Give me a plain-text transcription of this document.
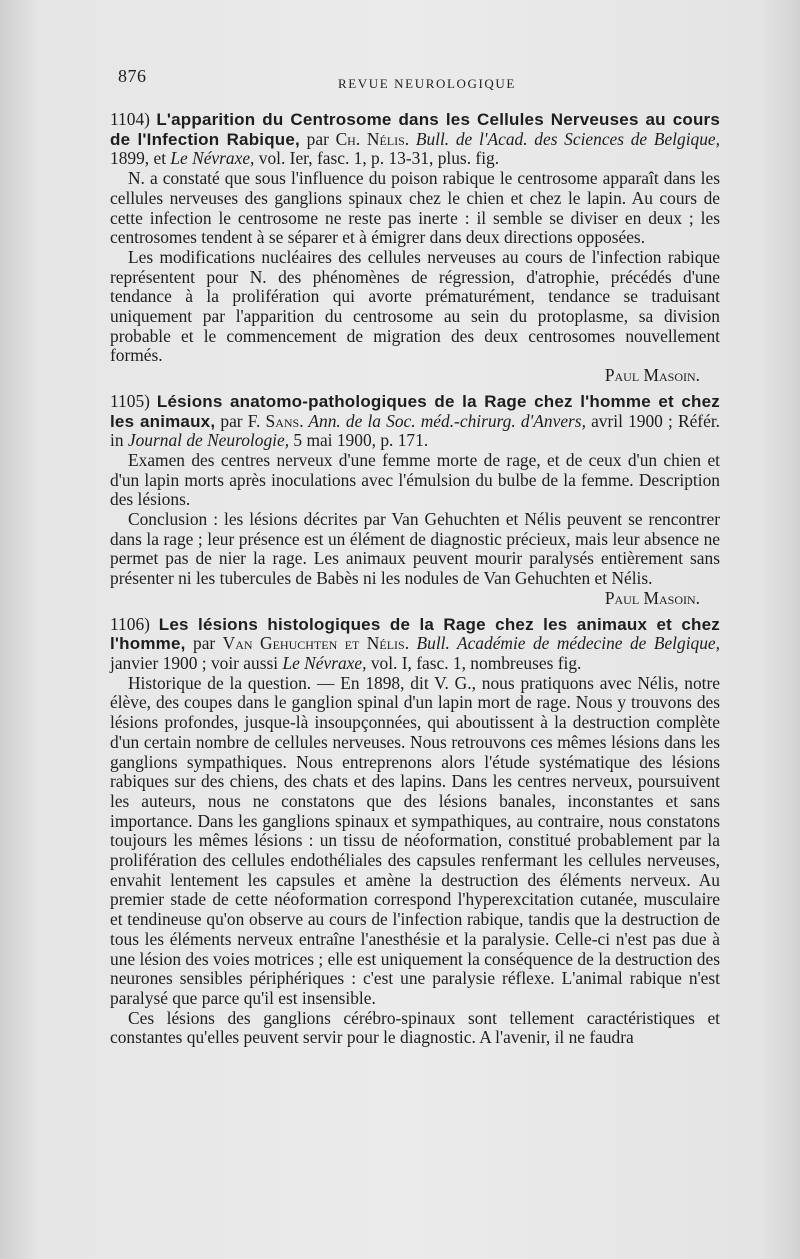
876	REVUE NEUROLOGIQUE
1104) L'apparition du Centrosome dans les Cellules Nerveuses au cours de l'Infection Rabique, par Ch. Nélis. Bull. de l'Acad. des Sciences de Belgique, 1899, et Le Névraxe, vol. Ier, fasc. 1, p. 13-31, plus. fig.

N. a constaté que sous l'influence du poison rabique le centrosome apparaît dans les cellules nerveuses des ganglions spinaux chez le chien et chez le lapin. Au cours de cette infection le centrosome ne reste pas inerte : il semble se diviser en deux ; les centrosomes tendent à se séparer et à émigrer dans deux directions opposées.

Les modifications nucléaires des cellules nerveuses au cours de l'infection rabique représentent pour N. des phénomènes de régression, d'atrophie, précédés d'une tendance à la prolifération qui avorte prématurément, tendance se traduisant uniquement par l'apparition du centrosome au sein du protoplasme, sa division probable et le commencement de migration des deux centrosomes nouvellement formés.

Paul Masoin.

1105) Lésions anatomo-pathologiques de la Rage chez l'homme et chez les animaux, par F. Sans. Ann. de la Soc. méd.-chirurg. d'Anvers, avril 1900 ; Référ. in Journal de Neurologie, 5 mai 1900, p. 171.

Examen des centres nerveux d'une femme morte de rage, et de ceux d'un chien et d'un lapin morts après inoculations avec l'émulsion du bulbe de la femme. Description des lésions.

Conclusion : les lésions décrites par Van Gehuchten et Nélis peuvent se rencontrer dans la rage ; leur présence est un élément de diagnostic précieux, mais leur absence ne permet pas de nier la rage. Les animaux peuvent mourir paralysés entièrement sans présenter ni les tubercules de Babès ni les nodules de Van Gehuchten et Nélis.

Paul Masoin.

1106) Les lésions histologiques de la Rage chez les animaux et chez l'homme, par Van Gehuchten et Nélis. Bull. Académie de médecine de Belgique, janvier 1900 ; voir aussi Le Névraxe, vol. I, fasc. 1, nombreuses fig.

Historique de la question. — En 1898, dit V. G., nous pratiquons avec Nélis, notre élève, des coupes dans le ganglion spinal d'un lapin mort de rage. Nous y trouvons des lésions profondes, jusque-là insoupçonnées, qui aboutissent à la destruction complète d'un certain nombre de cellules nerveuses. Nous retrouvons ces mêmes lésions dans les ganglions sympathiques. Nous entreprenons alors l'étude systématique des lésions rabiques sur des chiens, des chats et des lapins. Dans les centres nerveux, poursuivent les auteurs, nous ne constatons que des lésions banales, inconstantes et sans importance. Dans les ganglions spinaux et sympathiques, au contraire, nous constatons toujours les mêmes lésions : un tissu de néoformation, constitué probablement par la prolifération des cellules endothéliales des capsules renfermant les cellules nerveuses, envahit lentement les capsules et amène la destruction des éléments nerveux. Au premier stade de cette néoformation correspond l'hyperexcitation cutanée, musculaire et tendineuse qu'on observe au cours de l'infection rabique, tandis que la destruction de tous les éléments nerveux entraîne l'anesthésie et la paralysie. Celle-ci n'est pas due à une lésion des voies motrices ; elle est uniquement la conséquence de la destruction des neurones sensibles périphériques : c'est une paralysie réflexe. L'animal rabique n'est paralysé que parce qu'il est insensible.

Ces lésions des ganglions cérébro-spinaux sont tellement caractéristiques et constantes qu'elles peuvent servir pour le diagnostic. A l'avenir, il ne faudra
